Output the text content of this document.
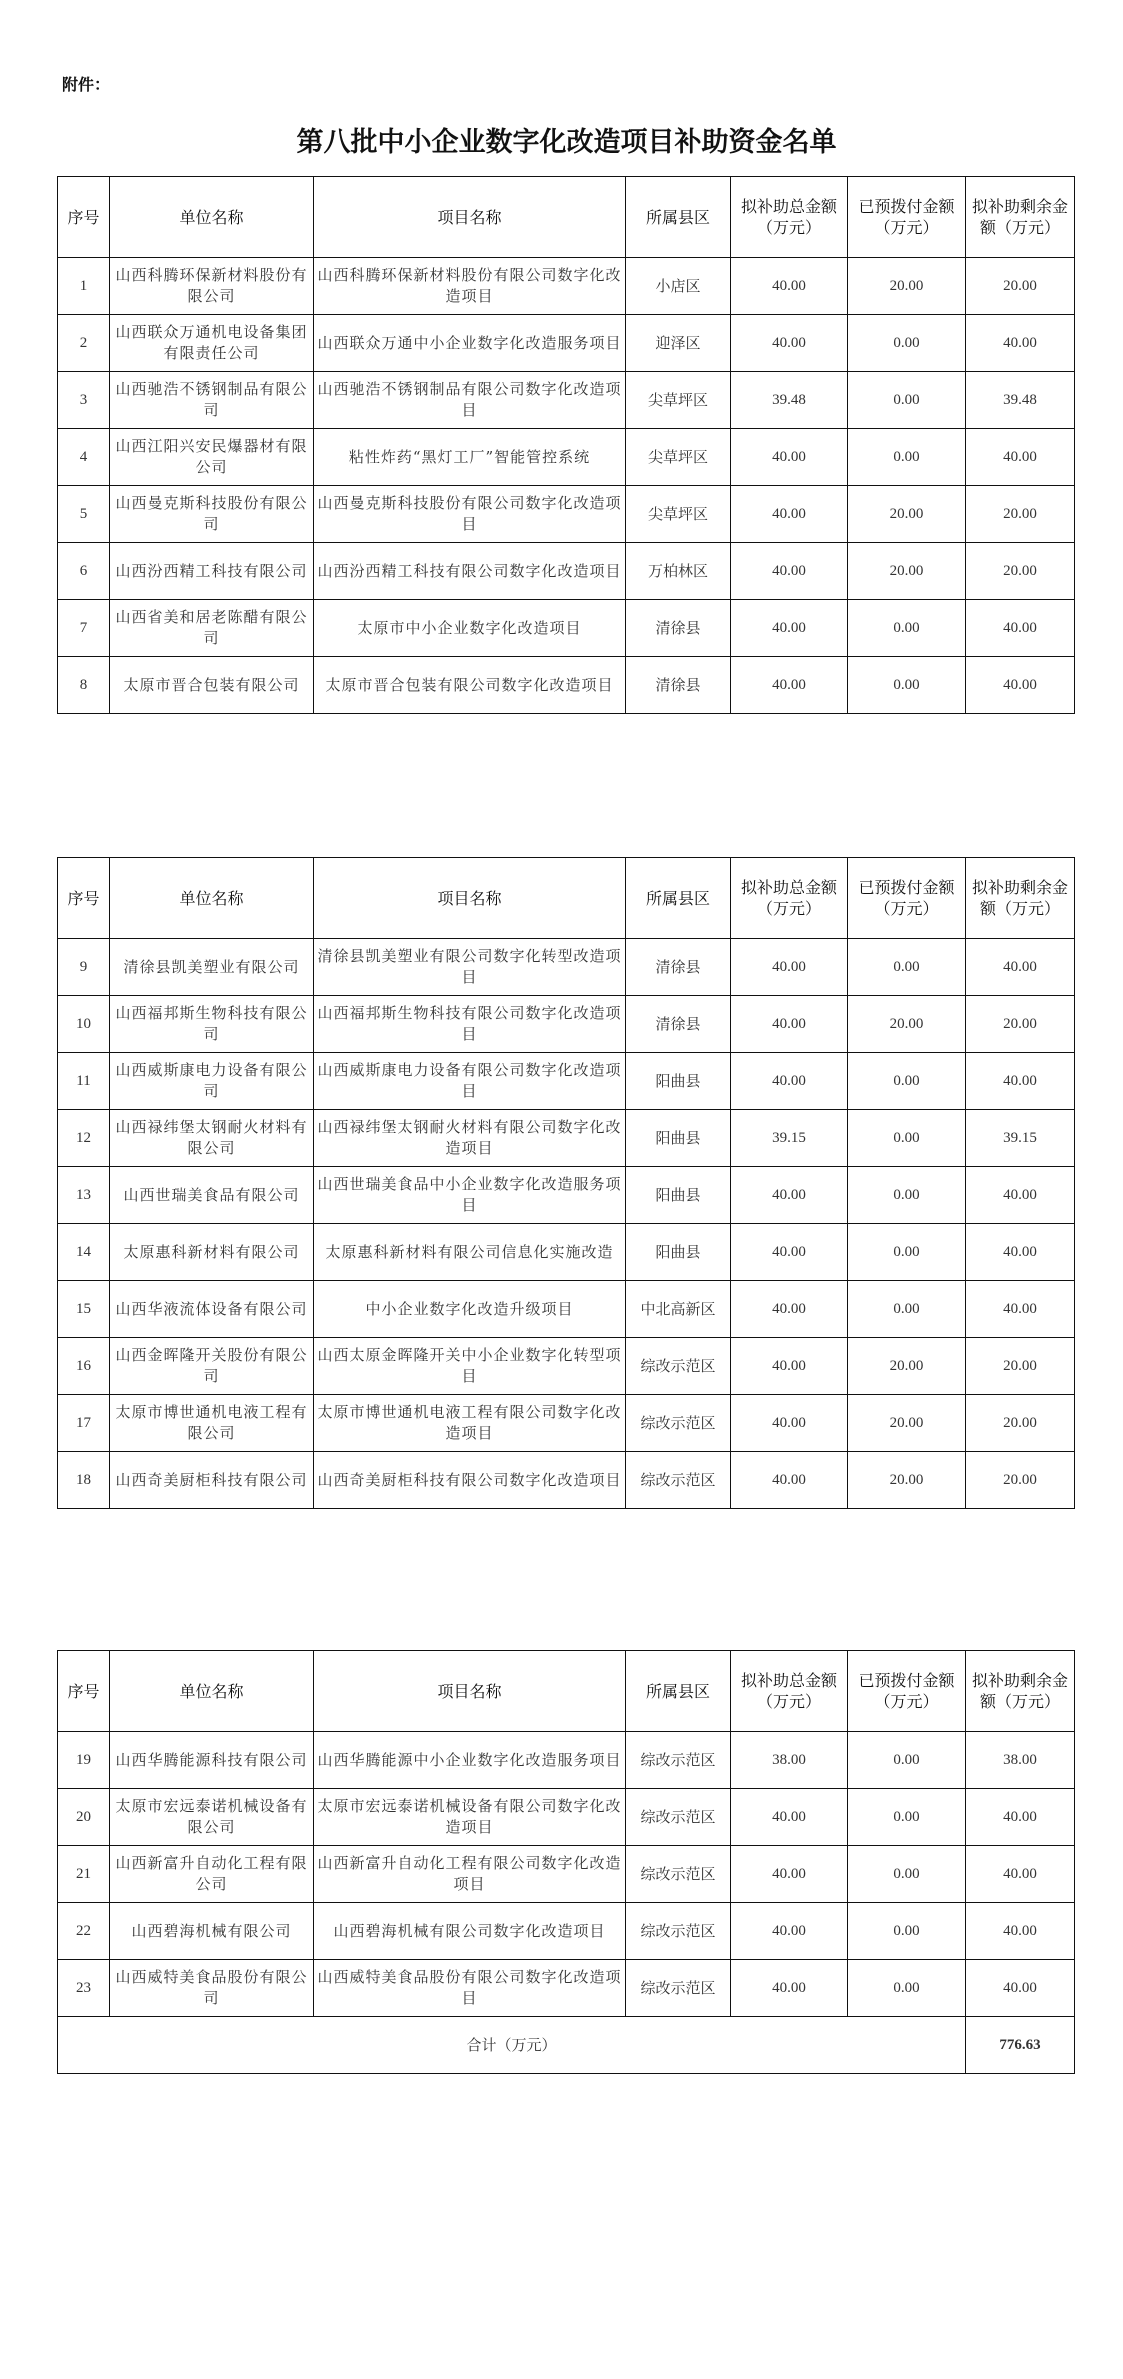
附件：
第八批中小企业数字化改造项目补助资金名单
序号	单位名称	项目名称	所属县区	拟补助总金额（万元）	已预拨付金额（万元）	拟补助剩余金额（万元）
1	山西科腾环保新材料股份有限公司	山西科腾环保新材料股份有限公司数字化改造项目	小店区	40.00	20.00	20.00
2	山西联众万通机电设备集团有限责任公司	山西联众万通中小企业数字化改造服务项目	迎泽区	40.00	0.00	40.00
3	山西驰浩不锈钢制品有限公司	山西驰浩不锈钢制品有限公司数字化改造项目	尖草坪区	39.48	0.00	39.48
4	山西江阳兴安民爆器材有限公司	粘性炸药“黑灯工厂”智能管控系统	尖草坪区	40.00	0.00	40.00
5	山西曼克斯科技股份有限公司	山西曼克斯科技股份有限公司数字化改造项目	尖草坪区	40.00	20.00	20.00
6	山西汾西精工科技有限公司	山西汾西精工科技有限公司数字化改造项目	万柏林区	40.00	20.00	20.00
7	山西省美和居老陈醋有限公司	太原市中小企业数字化改造项目	清徐县	40.00	0.00	40.00
8	太原市晋合包装有限公司	太原市晋合包装有限公司数字化改造项目	清徐县	40.00	0.00	40.00
序号	单位名称	项目名称	所属县区	拟补助总金额（万元）	已预拨付金额（万元）	拟补助剩余金额（万元）
9	清徐县凯美塑业有限公司	清徐县凯美塑业有限公司数字化转型改造项目	清徐县	40.00	0.00	40.00
10	山西福邦斯生物科技有限公司	山西福邦斯生物科技有限公司数字化改造项目	清徐县	40.00	20.00	20.00
11	山西威斯康电力设备有限公司	山西威斯康电力设备有限公司数字化改造项目	阳曲县	40.00	0.00	40.00
12	山西禄纬堡太钢耐火材料有限公司	山西禄纬堡太钢耐火材料有限公司数字化改造项目	阳曲县	39.15	0.00	39.15
13	山西世瑞美食品有限公司	山西世瑞美食品中小企业数字化改造服务项目	阳曲县	40.00	0.00	40.00
14	太原惠科新材料有限公司	太原惠科新材料有限公司信息化实施改造	阳曲县	40.00	0.00	40.00
15	山西华液流体设备有限公司	中小企业数字化改造升级项目	中北高新区	40.00	0.00	40.00
16	山西金晖隆开关股份有限公司	山西太原金晖隆开关中小企业数字化转型项目	综改示范区	40.00	20.00	20.00
17	太原市博世通机电液工程有限公司	太原市博世通机电液工程有限公司数字化改造项目	综改示范区	40.00	20.00	20.00
18	山西奇美厨柜科技有限公司	山西奇美厨柜科技有限公司数字化改造项目	综改示范区	40.00	20.00	20.00
序号	单位名称	项目名称	所属县区	拟补助总金额（万元）	已预拨付金额（万元）	拟补助剩余金额（万元）
19	山西华腾能源科技有限公司	山西华腾能源中小企业数字化改造服务项目	综改示范区	38.00	0.00	38.00
20	太原市宏远泰诺机械设备有限公司	太原市宏远泰诺机械设备有限公司数字化改造项目	综改示范区	40.00	0.00	40.00
21	山西新富升自动化工程有限公司	山西新富升自动化工程有限公司数字化改造项目	综改示范区	40.00	0.00	40.00
22	山西碧海机械有限公司	山西碧海机械有限公司数字化改造项目	综改示范区	40.00	0.00	40.00
23	山西威特美食品股份有限公司	山西威特美食品股份有限公司数字化改造项目	综改示范区	40.00	0.00	40.00
合计（万元）						776.63
